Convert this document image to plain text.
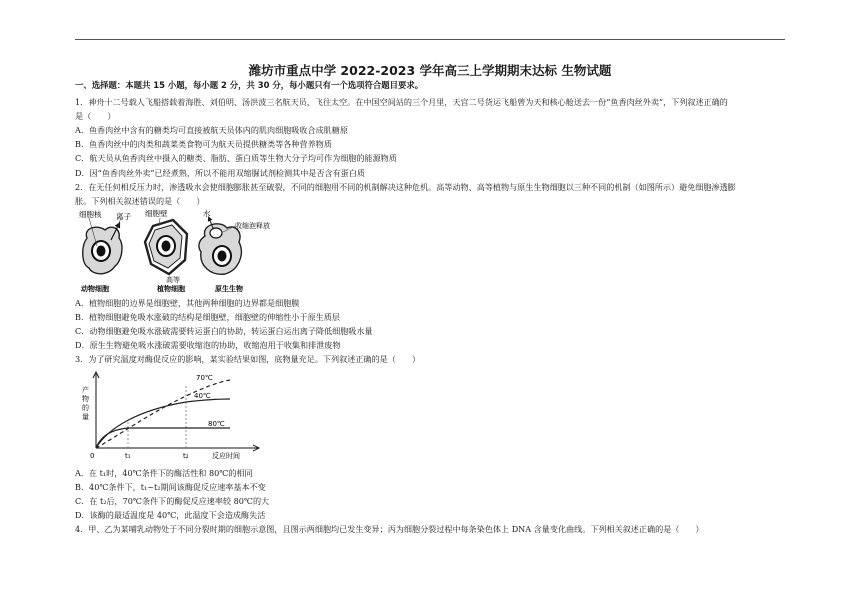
潍坊市重点中学 2022-2023 学年高三上学期期末达标 生物试题
一、选择题：本题共 15 小题，每小题 2 分，共 30 分，每小题只有一个选项符合题目要求。
1．神舟十二号载人飞船搭载着海胜、刘伯明、汤洪波三名航天员，飞往太空。在中国空间站的三个月里，天宫二号货运飞船曾为天和核心舱送去一份“鱼香肉丝外卖”，下列叙述正确的
是（　　）
A．鱼香肉丝中含有的糖类均可直接被航天员体内的肌肉细胞吸收合成肌糖原
B．鱼香肉丝中的肉类和蔬菜类食物可为航天员提供糖类等各种营养物质
C．航天员从鱼香肉丝中摄入的糖类、脂肪、蛋白质等生物大分子均可作为细胞的能源物质
D．因“鱼香肉丝外卖”已经煮熟，所以不能用双缩脲试剂检测其中是否含有蛋白质
2．在无任何相反压力时，渗透吸水会使细胞膨胀甚至破裂，不同的细胞用不同的机制解决这种危机。高等动物、高等植物与原生生物细胞以三种不同的机制（如图所示）避免细胞渗透膨
胀。下列相关叙述错误的是（　　）
细胞核 离子
动物细胞
细胞壁
高等
植物细胞
水
收缩泡释放
原生生物
A．植物细胞的边界是细胞壁，其他两种细胞的边界都是细胞膜
B．植物细胞避免吸水涨破的结构是细胞壁，细胞壁的伸缩性小于原生质层
C．动物细胞避免吸水涨破需要转运蛋白的协助，转运蛋白运出离子降低细胞吸水量
D．原生生物避免吸水涨破需要收缩泡的协助，收缩泡用于收集和排泄废物
3．为了研究温度对酶促反应的影响，某实验结果如图，底物量充足。下列叙述正确的是（　　）
产
物
的
量
0	反应时间
t₁	t₂
70℃
40℃
80℃
A．在 t₁时，40℃条件下的酶活性和 80℃的相同
B．40℃条件下，t₁~t₂期间该酶促反应速率基本不变
C．在 t₂后，70℃条件下的酶促反应速率较 80℃的大
D．该酶的最适温度是 40℃，此温度下会造成酶失活
4．甲、乙为某哺乳动物处于不同分裂时期的细胞示意图，且图示两细胞均已发生变异；丙为细胞分裂过程中每条染色体上 DNA 含量变化曲线。下列相关叙述正确的是（　　）
